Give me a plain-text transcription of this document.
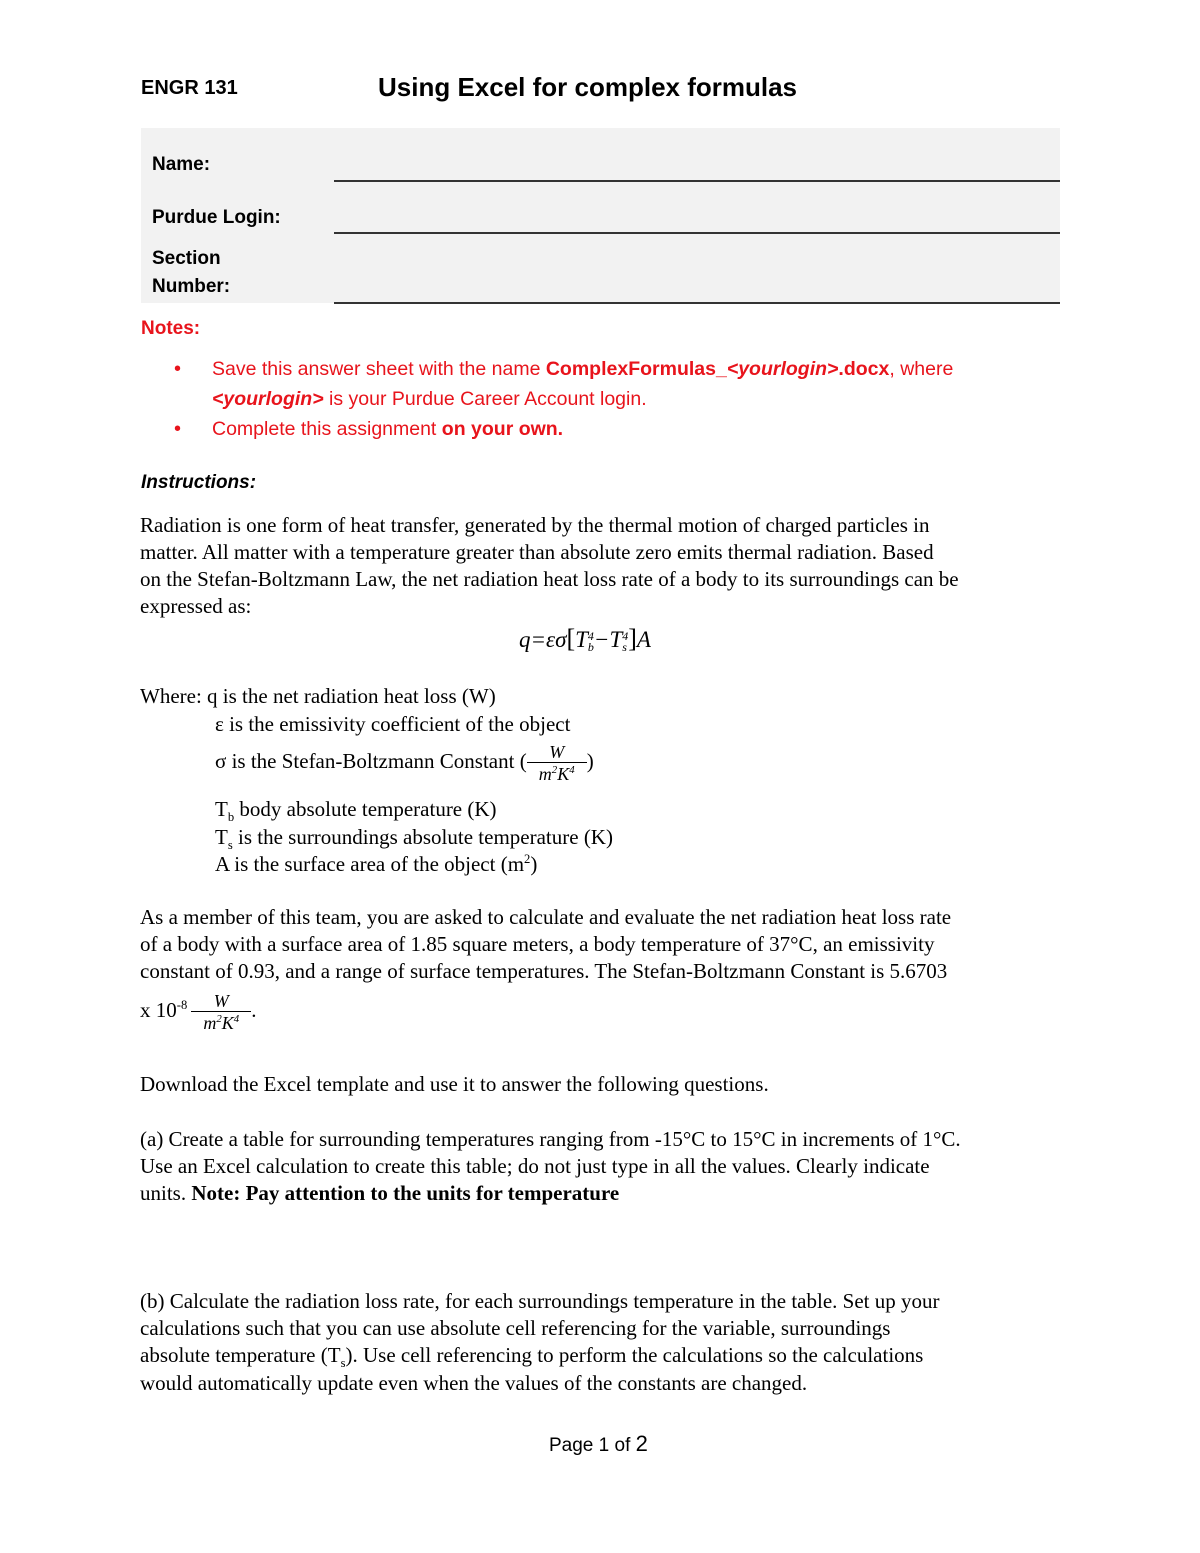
ENGR 131	Using Excel for complex formulas
Name:
Purdue Login:
Section
Number:
Notes:
• Save this answer sheet with the name ComplexFormulas_<yourlogin>.docx, where
<yourlogin> is your Purdue Career Account login.
• Complete this assignment on your own.
Instructions:
Radiation is one form of heat transfer, generated by the thermal motion of charged particles in
matter. All matter with a temperature greater than absolute zero emits thermal radiation. Based
on the Stefan-Boltzmann Law, the net radiation heat loss rate of a body to its surroundings can be
expressed as:
q=εσ[T 4
b −T 4
s ]A
Where: q is the net radiation heat loss (W)
ε is the emissivity coefficient of the object
σ is the Stefan-Boltzmann Constant ( $\frac{W}{m^2K^4}$ )
$T_b$ body absolute temperature (K)
$T_s$ is the surroundings absolute temperature (K)
A is the surface area of the object $(m^2)$
As a member of this team, you are asked to calculate and evaluate the net radiation heat loss rate
of a body with a surface area of 1.85 square meters, a body temperature of 37°C, an emissivity
constant of 0.93, and a range of surface temperatures. The Stefan-Boltzmann Constant is 5.6703
x $10^{-8} \frac{W}{m^2K^4}$ .
Download the Excel template and use it to answer the following questions.
(a) Create a table for surrounding temperatures ranging from -15°C to 15°C in increments of 1°C.
Use an Excel calculation to create this table; do not just type in all the values. Clearly indicate
units. Note: Pay attention to the units for temperature
(b) Calculate the radiation loss rate, for each surroundings temperature in the table. Set up your
calculations such that you can use absolute cell referencing for the variable, surroundings
absolute temperature $(T_s)$. Use cell referencing to perform the calculations so the calculations
would automatically update even when the values of the constants are changed.
Page 1 of 2
